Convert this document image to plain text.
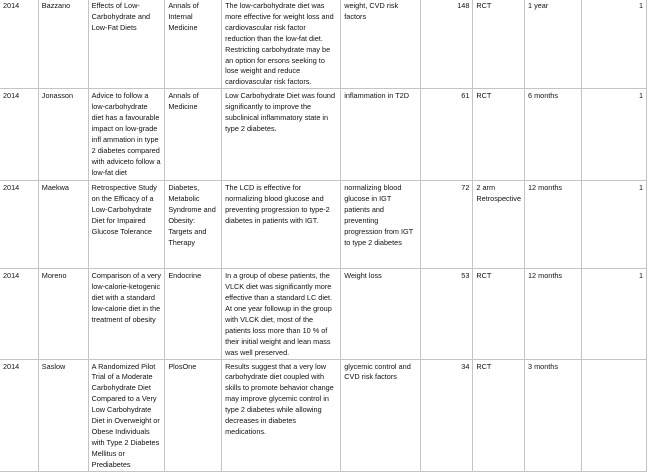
2014	Bazzano	Effects of Low-Carbohydrate and Low-Fat Diets	Annals of Internal Medicine	The low-carbohydrate diet was more effective for weight loss and cardiovascular risk factor reduction than the low-fat diet. Restricting carbohydrate may be an option for ersons seeking to lose weight and reduce cardiovascular risk factors.	weight, CVD risk factors	148	RCT	1 year	1
2014	Jonasson	Advice to follow a low-carbohydrate diet has a favourable impact on low-grade infl ammation in type 2 diabetes compared with adviceto follow a low-fat diet	Annals of Medicine	Low Carbohydrate Diet was found significantly to improve the subclinical inflammatory state in type 2 diabetes.	inflammation in T2D	61	RCT	6 months	1
2014	Maekwa	Retrospective Study on the Efficacy of a Low-Carbohydrate Diet for Impaired Glucose Tolerance	Diabetes, Metabolic Syndrome and Obesity: Targets and Therapy	The LCD is effective for normalizing blood glucose and preventing progression to type-2 diabetes in patients with IGT.	normalizing blood glucose in IGT patients and preventing progression from IGT to type 2 diabetes	72	2 arm Retrospective	12 months	1
2014	Moreno	Comparison of a very low-calorie-ketogenic diet with a standard low-calorie diet in the treatment of obesity	Endocrine	In a group of obese patients, the VLCK diet was significantly more effective than a standard LC diet. At one year followup in the group with VLCK diet, most of the patients loss more than 10 % of their initial weight and lean mass was well preserved.	Weight loss	53	RCT	12 months	1
2014	Saslow	A Randomized Pilot Trial of a Moderate Carbohydrate Diet Compared to a Very Low Carbohydrate Diet in Overweight or Obese Individuals with Type 2 Diabetes Mellitus or Prediabetes	PlosOne	Results suggest that a very low carbohydrate diet coupled with skills to promote behavior change may improve glycemic control in type 2 diabetes while allowing decreases in diabetes medications.	glycemic control and CVD risk factors	34	RCT	3 months	
